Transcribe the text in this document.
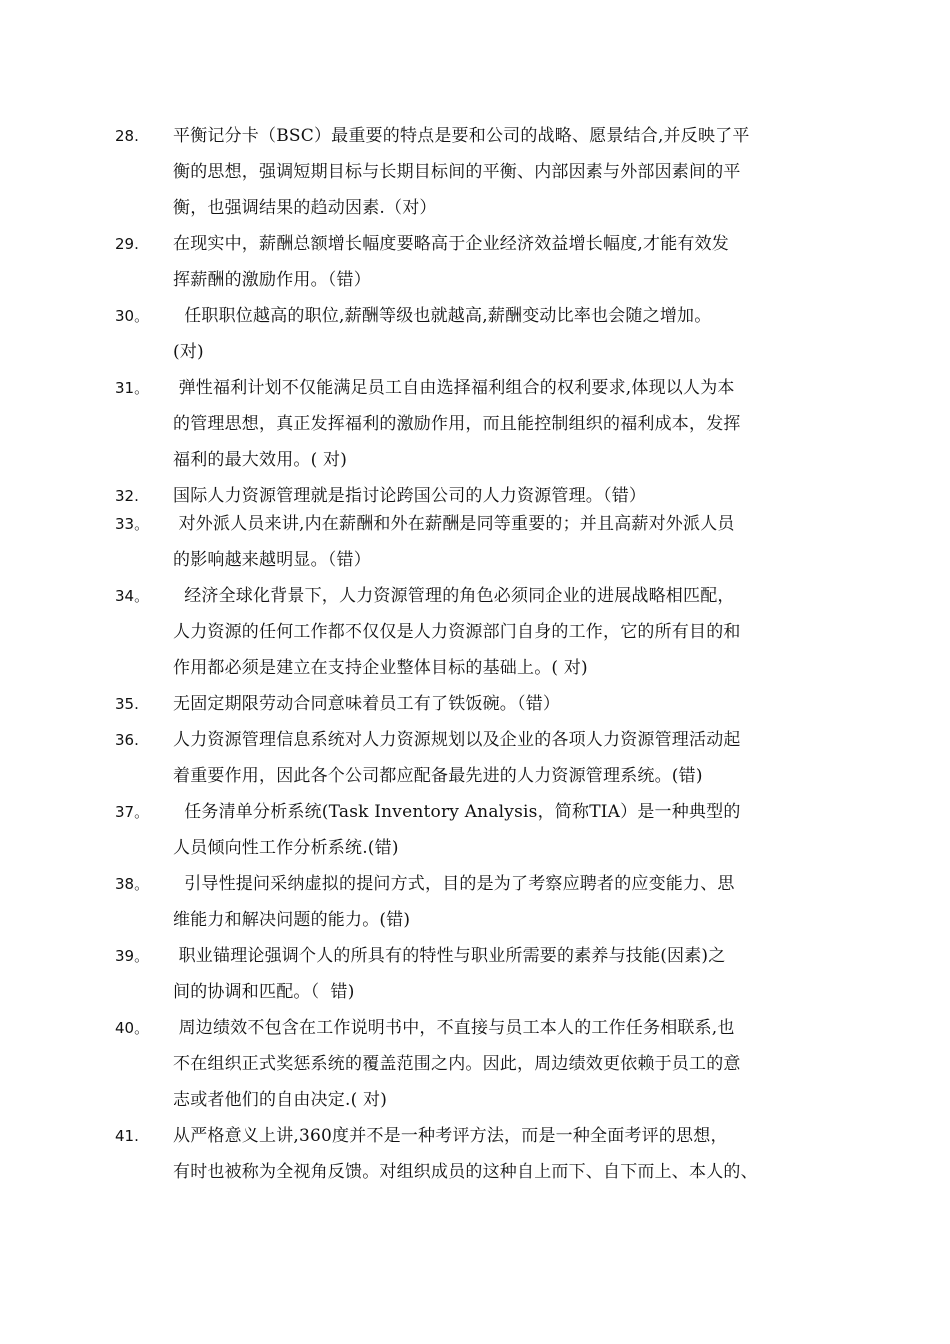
28. 平衡记分卡（BSC）最重要的特点是要和公司的战略、愿景结合,并反映了平
衡的思想，强调短期目标与长期目标间的平衡、内部因素与外部因素间的平
衡，也强调结果的趋动因素.（对）
29. 在现实中，薪酬总额增长幅度要略高于企业经济效益增长幅度,才能有效发
挥薪酬的激励作用。（错）
30。 任职职位越高的职位,薪酬等级也就越高,薪酬变动比率也会随之增加。
(对)
31。 弹性福利计划不仅能满足员工自由选择福利组合的权利要求,体现以人为本
的管理思想，真正发挥福利的激励作用，而且能控制组织的福利成本，发挥
福利的最大效用。( 对)
32. 国际人力资源管理就是指讨论跨国公司的人力资源管理。（错）
33。 对外派人员来讲,内在薪酬和外在薪酬是同等重要的；并且高薪对外派人员
的影响越来越明显。（错）
34。 经济全球化背景下，人力资源管理的角色必须同企业的进展战略相匹配，
人力资源的任何工作都不仅仅是人力资源部门自身的工作，它的所有目的和
作用都必须是建立在支持企业整体目标的基础上。( 对)
35. 无固定期限劳动合同意味着员工有了铁饭碗。（错）
36. 人力资源管理信息系统对人力资源规划以及企业的各项人力资源管理活动起
着重要作用，因此各个公司都应配备最先进的人力资源管理系统。(错)
37。 任务清单分析系统(Task Inventory Analysis，简称TIA）是一种典型的
人员倾向性工作分析系统.(错)
38。 引导性提问采纳虚拟的提问方式，目的是为了考察应聘者的应变能力、思
维能力和解决问题的能力。(错)
39。 职业锚理论强调个人的所具有的特性与职业所需要的素养与技能(因素)之
间的协调和匹配。（  错)
40。 周边绩效不包含在工作说明书中，不直接与员工本人的工作任务相联系,也
不在组织正式奖惩系统的覆盖范围之内。因此，周边绩效更依赖于员工的意
志或者他们的自由决定.( 对)
41. 从严格意义上讲,360度并不是一种考评方法，而是一种全面考评的思想，
有时也被称为全视角反馈。对组织成员的这种自上而下、自下而上、本人的、
